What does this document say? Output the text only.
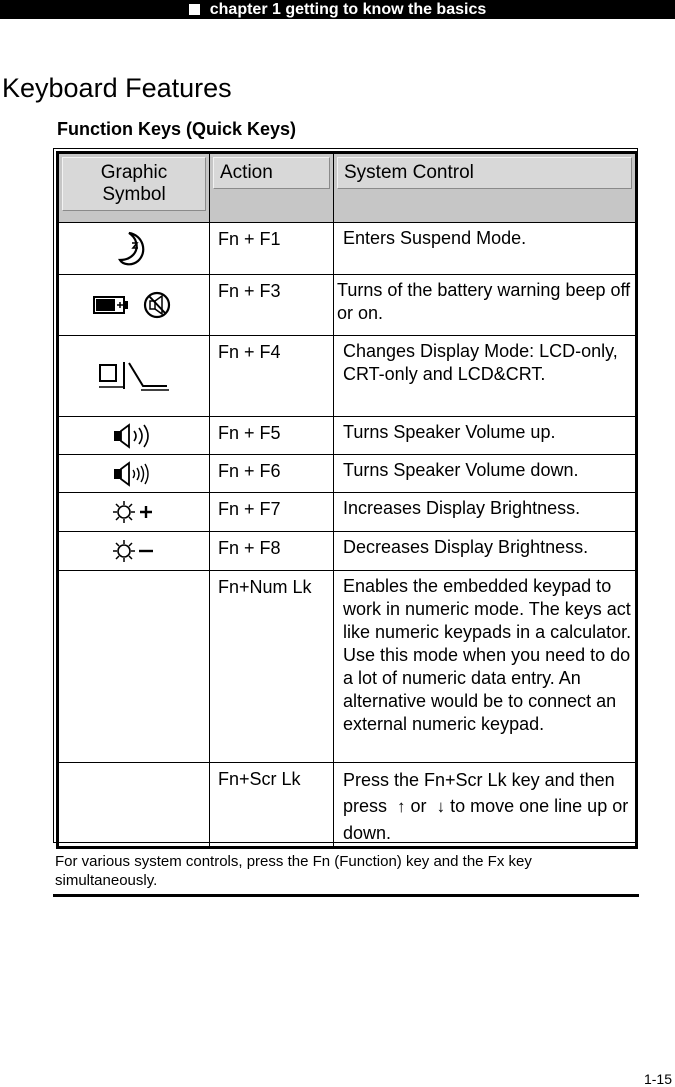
chapter 1 getting to know the basics
Keyboard Features
Function Keys (Quick Keys)
Graphic Symbol	Action	System Control

	Fn + F1	Enters Suspend Mode.
	Fn + F3	Turns of the battery warning beep off or on.
	Fn + F4	Changes Display Mode: LCD-only, CRT-only and LCD&CRT.
	Fn + F5	Turns Speaker Volume up.
	Fn + F6	Turns Speaker Volume down.
	Fn + F7	Increases Display Brightness.
	Fn + F8	Decreases Display Brightness.
	Fn+Num Lk	Enables the embedded keypad to work in numeric mode. The keys act like numeric keypads in a calculator. Use this mode when you need to do a lot of numeric data entry. An alternative would be to connect an external numeric keypad.
	Fn+Scr Lk	Press the Fn+Scr Lk key and then press ↑ or ↓ to move one line up or down.
For various system controls, press the Fn (Function) key and the Fx key simultaneously.
1-15
